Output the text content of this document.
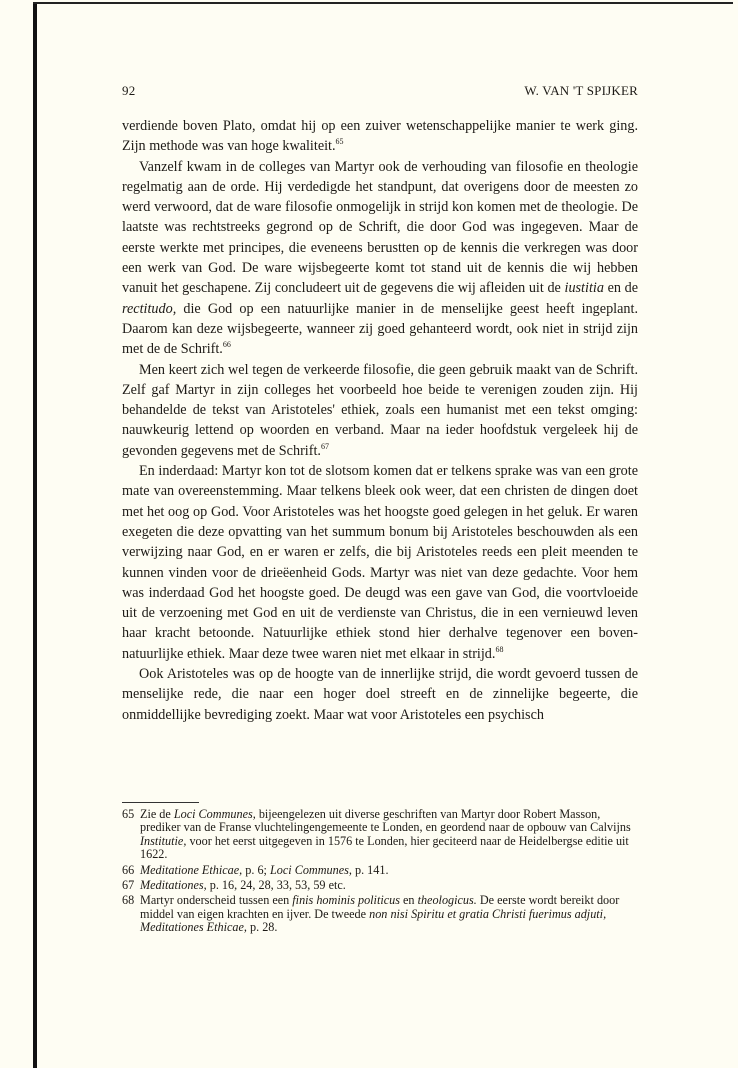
92	W. VAN 'T SPIJKER

verdiende boven Plato, omdat hij op een zuiver wetenschappelijke manier te werk ging. Zijn methode was van hoge kwaliteit.$^{65}$

Vanzelf kwam in de colleges van Martyr ook de verhouding van filosofie en theologie regelmatig aan de orde. Hij verdedigde het standpunt, dat overigens door de meesten zo werd verwoord, dat de ware filosofie onmogelijk in strijd kon komen met de theologie. De laatste was rechtstreeks gegrond op de Schrift, die door God was ingegeven. Maar de eerste werkte met principes, die eveneens berustten op de kennis die verkregen was door een werk van God. De ware wijsbegeerte komt tot stand uit de kennis die wij hebben vanuit het geschapene. Zij concludeert uit de gegevens die wij afleiden uit de iustitia en de rectitudo, die God op een natuurlijke manier in de menselijke geest heeft ingeplant. Daarom kan deze wijsbegeerte, wanneer zij goed gehanteerd wordt, ook niet in strijd zijn met de de Schrift.$^{66}$

Men keert zich wel tegen de verkeerde filosofie, die geen gebruik maakt van de Schrift. Zelf gaf Martyr in zijn colleges het voorbeeld hoe beide te verenigen zouden zijn. Hij behandelde de tekst van Aristoteles' ethiek, zoals een humanist met een tekst omging: nauwkeurig lettend op woorden en verband. Maar na ieder hoofdstuk vergeleek hij de gevonden gegevens met de Schrift.$^{67}$

En inderdaad: Martyr kon tot de slotsom komen dat er telkens sprake was van een grote mate van overeenstemming. Maar telkens bleek ook weer, dat een christen de dingen doet met het oog op God. Voor Aristoteles was het hoogste goed gelegen in het geluk. Er waren exegeten die deze opvatting van het summum bonum bij Aristoteles beschouwden als een verwijzing naar God, en er waren er zelfs, die bij Aristoteles reeds een pleit meenden te kunnen vinden voor de drieëenheid Gods. Martyr was niet van deze gedachte. Voor hem was inderdaad God het hoogste goed. De deugd was een gave van God, die voortvloeide uit de verzoening met God en uit de verdienste van Christus, die in een vernieuwd leven haar kracht betoonde. Natuurlijke ethiek stond hier derhalve tegenover een bovennatuurlijke ethiek. Maar deze twee waren niet met elkaar in strijd.$^{68}$

Ook Aristoteles was op de hoogte van de innerlijke strijd, die wordt gevoerd tussen de menselijke rede, die naar een hoger doel streeft en de zinnelijke begeerte, die onmiddellijke bevrediging zoekt. Maar wat voor Aristoteles een psychisch

65 Zie de Loci Communes, bijeengelezen uit diverse geschriften van Martyr door Robert Masson, prediker van de Franse vluchtelingengemeente te Londen, en geordend naar de opbouw van Calvijns Institutie, voor het eerst uitgegeven in 1576 te Londen, hier geciteerd naar de Heidelbergse editie uit 1622.
66 Meditatione Ethicae, p. 6; Loci Communes, p. 141.
67 Meditationes, p. 16, 24, 28, 33, 53, 59 etc.
68 Martyr onderscheid tussen een finis hominis politicus en theologicus. De eerste wordt bereikt door middel van eigen krachten en ijver. De tweede non nisi Spiritu et gratia Christi fuerimus adjuti, Meditationes Ethicae, p. 28.
